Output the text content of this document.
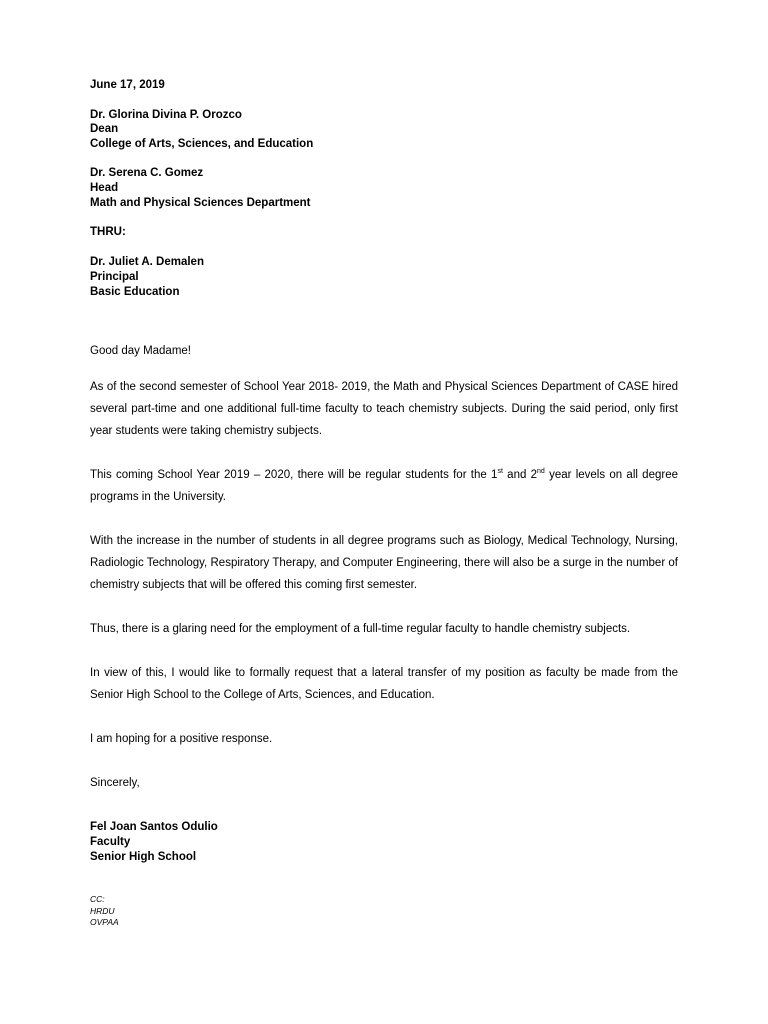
June 17, 2019
Dr. Glorina Divina P. Orozco
Dean
College of Arts, Sciences, and Education
Dr. Serena C. Gomez
Head
Math and Physical Sciences Department
THRU:
Dr. Juliet A. Demalen
Principal
Basic Education
Good day Madame!
As of the second semester of School Year 2018- 2019, the Math and Physical Sciences Department of CASE hired several part-time and one additional full-time faculty to teach chemistry subjects. During the said period, only first year students were taking chemistry subjects.
This coming School Year 2019 – 2020, there will be regular students for the 1st and 2nd year levels on all degree programs in the University.
With the increase in the number of students in all degree programs such as Biology, Medical Technology, Nursing, Radiologic Technology, Respiratory Therapy, and Computer Engineering, there will also be a surge in the number of chemistry subjects that will be offered this coming first semester.
Thus, there is a glaring need for the employment of a full-time regular faculty to handle chemistry subjects.
In view of this, I would like to formally request that a lateral transfer of my position as faculty be made from the Senior High School to the College of Arts, Sciences, and Education.
I am hoping for a positive response.
Sincerely,
Fel Joan Santos Odulio
Faculty
Senior High School
CC:
HRDU
OVPAA
